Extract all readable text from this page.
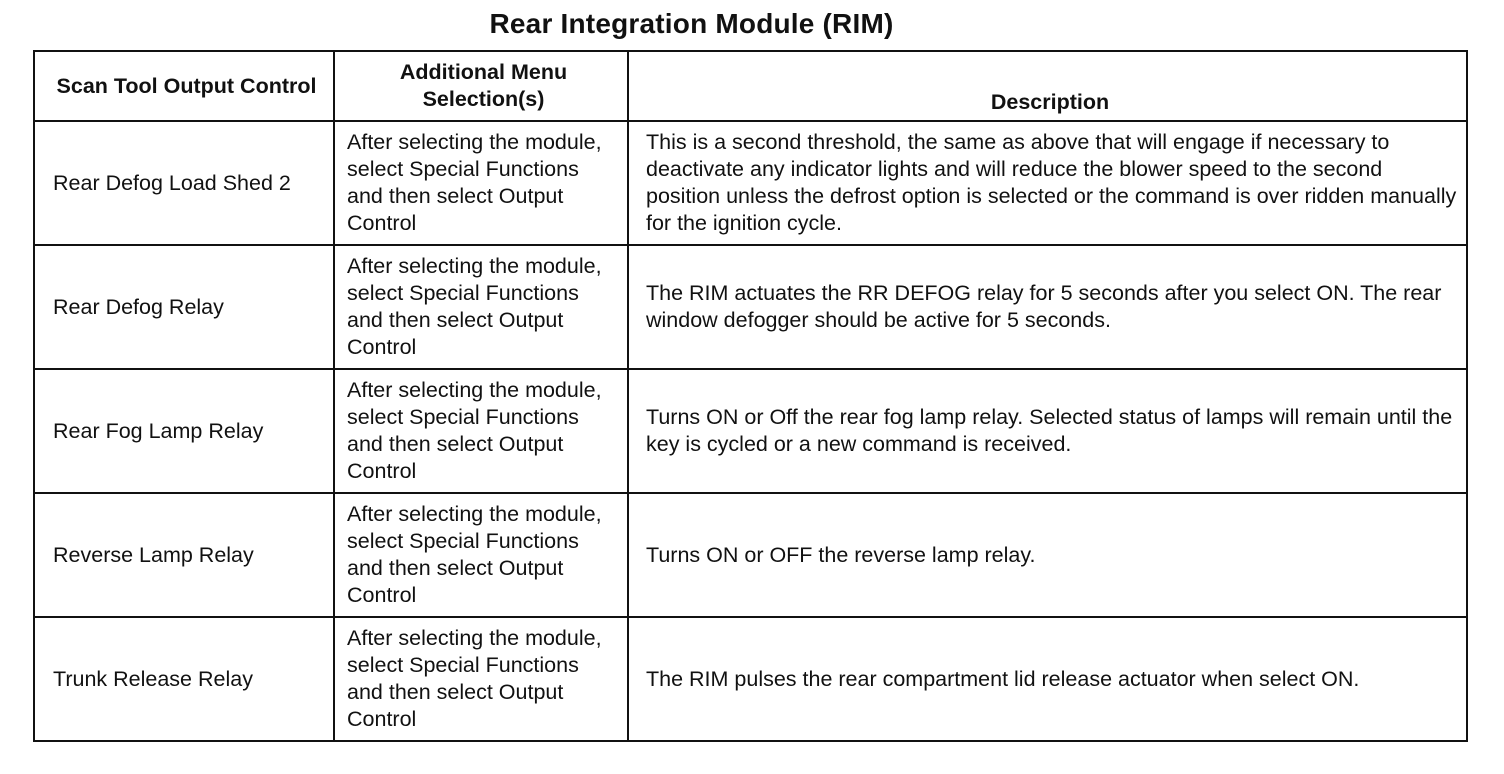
Rear Integration Module (RIM)
Scan Tool Output Control	Additional Menu Selection(s)	Description

Rear Defog Load Shed 2	After selecting the module, select Special Functions and then select Output Control	This is a second threshold, the same as above that will engage if necessary to deactivate any indicator lights and will reduce the blower speed to the second position unless the defrost option is selected or the command is over ridden manually for the ignition cycle.
Rear Defog Relay	After selecting the module, select Special Functions and then select Output Control	The RIM actuates the RR DEFOG relay for 5 seconds after you select ON. The rear window defogger should be active for 5 seconds.
Rear Fog Lamp Relay	After selecting the module, select Special Functions and then select Output Control	Turns ON or Off the rear fog lamp relay. Selected status of lamps will remain until the key is cycled or a new command is received.
Reverse Lamp Relay	After selecting the module, select Special Functions and then select Output Control	Turns ON or OFF the reverse lamp relay.
Trunk Release Relay	After selecting the module, select Special Functions and then select Output Control	The RIM pulses the rear compartment lid release actuator when select ON.
